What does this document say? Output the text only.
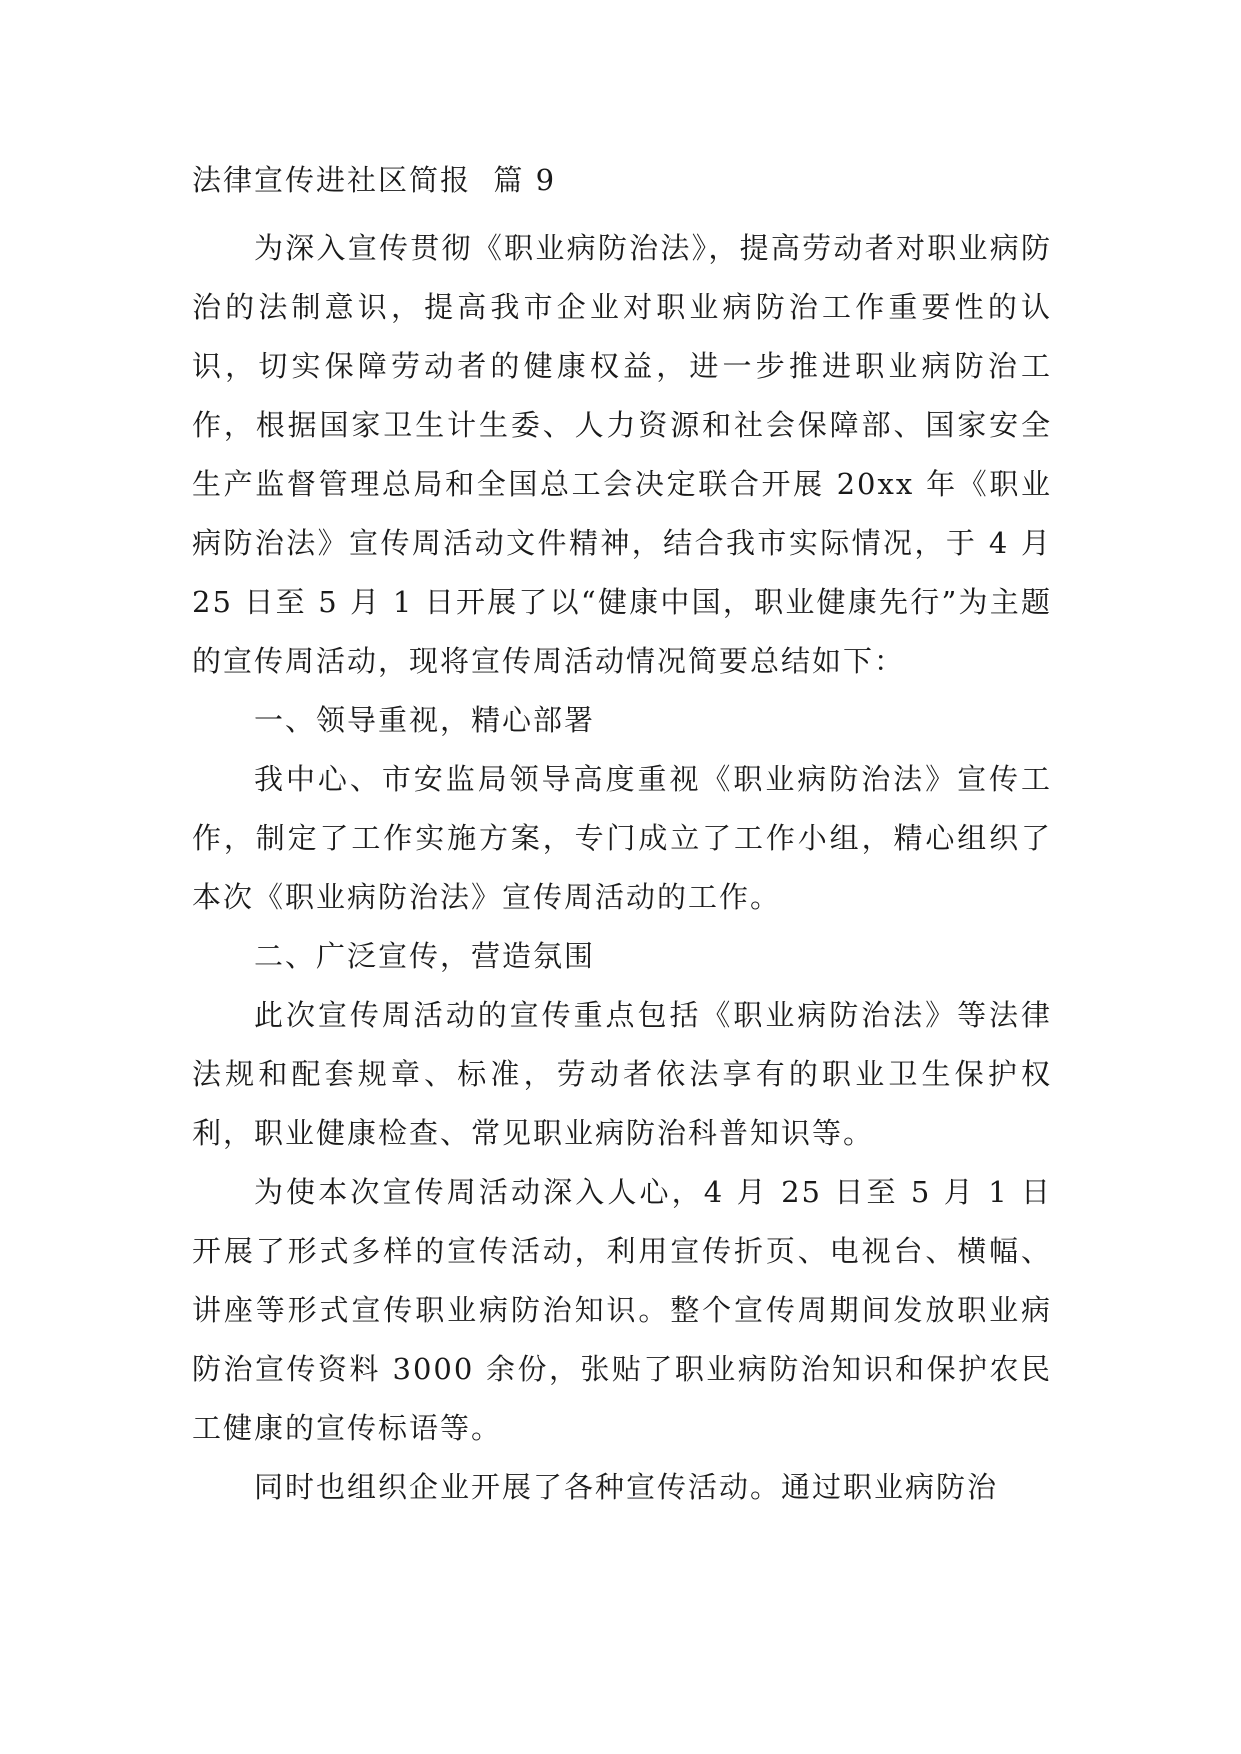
法律宣传进社区简报  篇 9

为深入宣传贯彻《职业病防治法》，提高劳动者对职业病防治的法制意识，提高我市企业对职业病防治工作重要性的认识，切实保障劳动者的健康权益，进一步推进职业病防治工作，根据国家卫生计生委、人力资源和社会保障部、国家安全生产监督管理总局和全国总工会决定联合开展 20xx 年《职业病防治法》宣传周活动文件精神，结合我市实际情况，于 4 月 25 日至 5 月 1 日开展了以“健康中国，职业健康先行”为主题的宣传周活动，现将宣传周活动情况简要总结如下：

一、领导重视，精心部署

我中心、市安监局领导高度重视《职业病防治法》宣传工作，制定了工作实施方案，专门成立了工作小组，精心组织了本次《职业病防治法》宣传周活动的工作。

二、广泛宣传，营造氛围

此次宣传周活动的宣传重点包括《职业病防治法》等法律法规和配套规章、标准，劳动者依法享有的职业卫生保护权利，职业健康检查、常见职业病防治科普知识等。

为使本次宣传周活动深入人心，4 月 25 日至 5 月 1 日开展了形式多样的宣传活动，利用宣传折页、电视台、横幅、讲座等形式宣传职业病防治知识。整个宣传周期间发放职业病防治宣传资料 3000 余份，张贴了职业病防治知识和保护农民工健康的宣传标语等。

同时也组织企业开展了各种宣传活动。通过职业病防治
